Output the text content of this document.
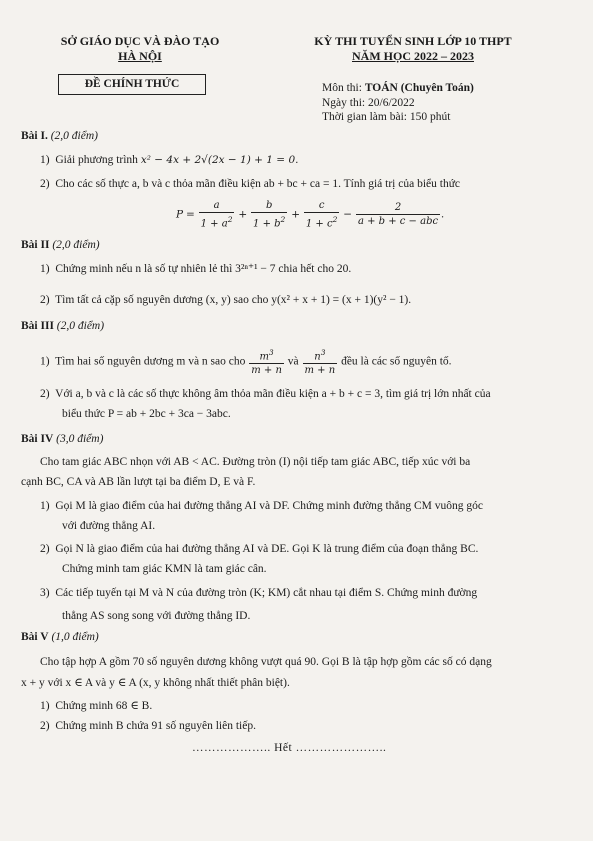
SỞ GIÁO DỤC VÀ ĐÀO TẠO
HÀ NỘI
KỲ THI TUYỂN SINH LỚP 10 THPT
NĂM HỌC 2022 – 2023
ĐỀ CHÍNH THỨC	Môn thi: TOÁN (Chuyên Toán)
Ngày thi: 20/6/2022
Thời gian làm bài: 150 phút
Bài I. (2,0 điểm)
1) Giải phương trình x² − 4x + 2√(2x − 1) + 1 = 0.
2) Cho các số thực a, b và c thỏa mãn điều kiện ab + bc + ca = 1. Tính giá trị của biểu thức
$P = \frac{a}{1 + a^2} + \frac{b}{1 + b^2} + \frac{c}{1 + c^2} - \frac{2}{\text{a + b + c − abc}}$ .
Bài II (2,0 điểm)
1) Chứng minh nếu n là số tự nhiên lẻ thì 3²ⁿ⁺¹ − 7 chia hết cho 20.
2) Tìm tất cả cặp số nguyên dương (x, y) sao cho y(x² + x + 1) = (x + 1)(y² − 1).
Bài III (2,0 điểm)
1) Tìm hai số nguyên dương m và n sao cho $\frac{m^3}{m + n}$ và $\frac{n^3}{m + n}$ đều là các số nguyên tố.
2) Với a, b và c là các số thực không âm thỏa mãn điều kiện a + b + c = 3, tìm giá trị lớn nhất của
biểu thức P = ab + 2bc + 3ca − 3abc.
Bài IV (3,0 điểm)
Cho tam giác ABC nhọn với AB < AC. Đường tròn (I) nội tiếp tam giác ABC, tiếp xúc với ba
cạnh BC, CA và AB lần lượt tại ba điểm D, E và F.
1) Gọi M là giao điểm của hai đường thẳng AI và DF. Chứng minh đường thẳng CM vuông góc
với đường thẳng AI.
2) Gọi N là giao điểm của hai đường thẳng AI và DE. Gọi K là trung điểm của đoạn thẳng BC.
Chứng minh tam giác KMN là tam giác cân.
3) Các tiếp tuyến tại M và N của đường tròn (K; KM) cắt nhau tại điểm S. Chứng minh đường
thẳng AS song song với đường thẳng ID.
Bài V (1,0 điểm)
Cho tập hợp A gồm 70 số nguyên dương không vượt quá 90. Gọi B là tập hợp gồm các số có dạng
x + y với x ∈ A và y ∈ A (x, y không nhất thiết phân biệt).
1) Chứng minh 68 ∈ B.
2) Chứng minh B chứa 91 số nguyên liên tiếp.
……………….. Hết …………………..
